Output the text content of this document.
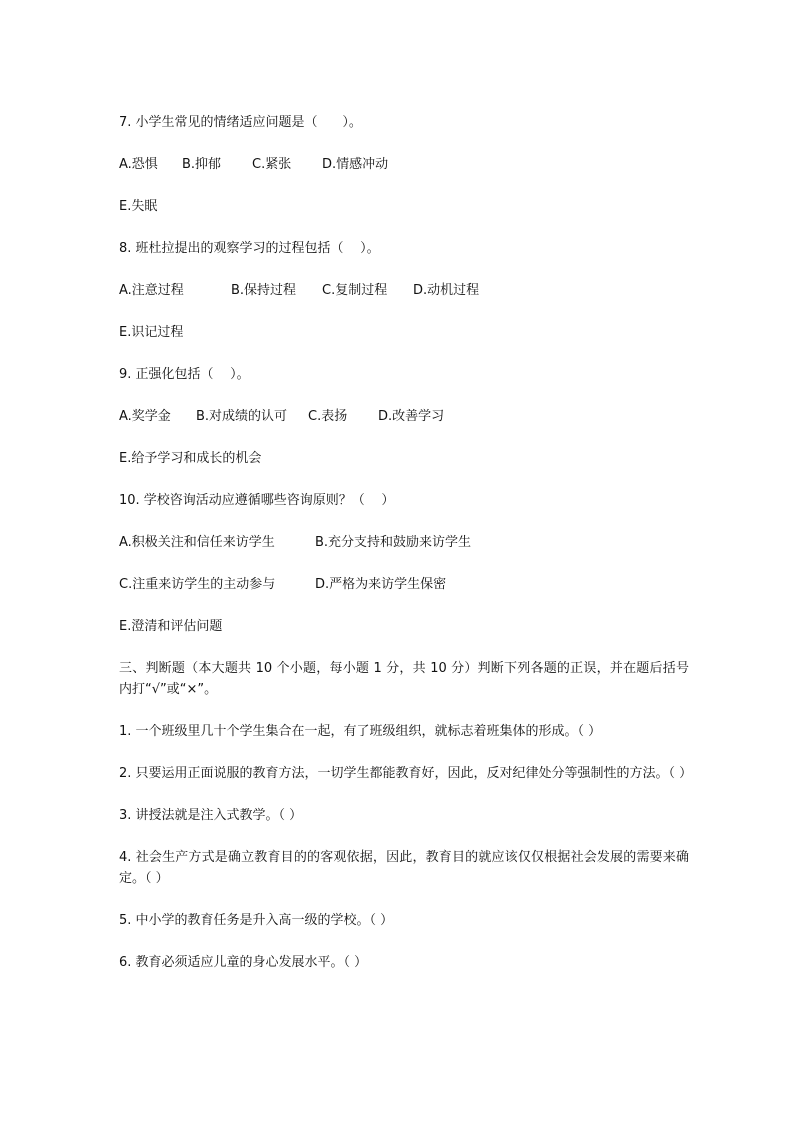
7. 小学生常见的情绪适应问题是（      ）。
A.恐惧	B.抑郁	C.紧张	D.情感冲动
E.失眠
8. 班杜拉提出的观察学习的过程包括（    ）。
A.注意过程	B.保持过程	C.复制过程	D.动机过程
E.识记过程
9. 正强化包括（    ）。
A.奖学金	B.对成绩的认可	C.表扬	D.改善学习
E.给予学习和成长的机会
10. 学校咨询活动应遵循哪些咨询原则？（    ）
A.积极关注和信任来访学生	B.充分支持和鼓励来访学生
C.注重来访学生的主动参与	D.严格为来访学生保密
E.澄清和评估问题
三、判断题（本大题共 10 个小题，每小题 1 分，共 10 分）判断下列各题的正误，并在题后括号内打“√”或“×”。
1. 一个班级里几十个学生集合在一起，有了班级组织，就标志着班集体的形成。（ ）
2. 只要运用正面说服的教育方法，一切学生都能教育好，因此，反对纪律处分等强制性的方法。（ ）
3. 讲授法就是注入式教学。（ ）
4. 社会生产方式是确立教育目的的客观依据，因此，教育目的就应该仅仅根据社会发展的需要来确定。（ ）
5. 中小学的教育任务是升入高一级的学校。（ ）
6. 教育必须适应儿童的身心发展水平。（ ）
